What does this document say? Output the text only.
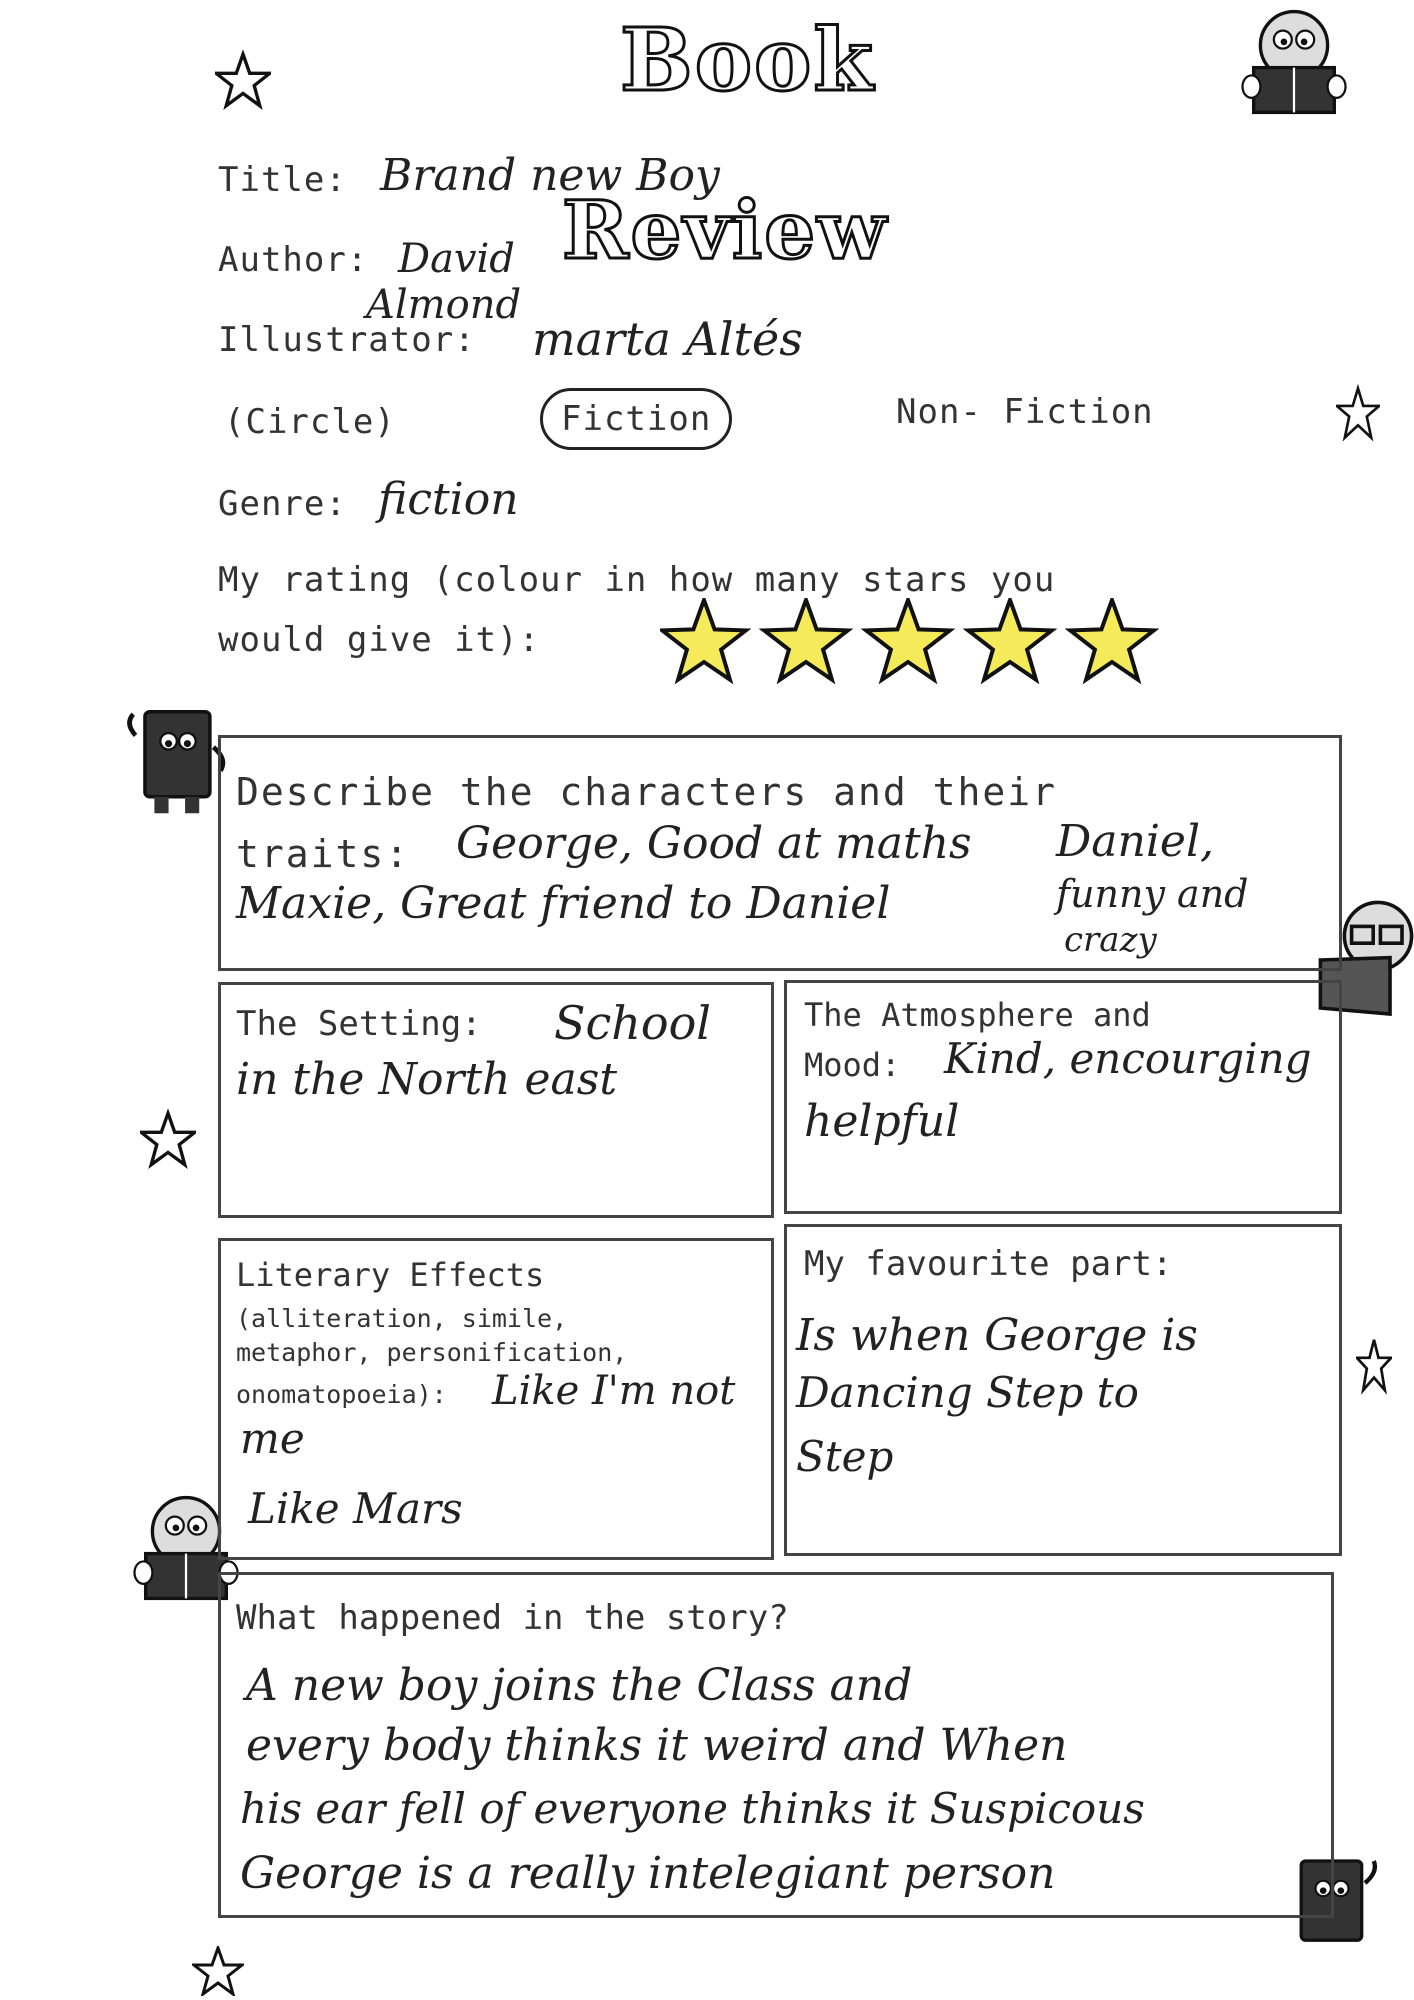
Book
Review
Title: Brand new Boy
Author: David
Almond
Illustrator: marta Altés
(Circle)	Fiction	Non- Fiction
Genre: fiction
My rating (colour in how many stars you
would give it):
Describe the characters and their
traits: George, Good at maths
Maxie, Great friend to Daniel
Daniel,
funny and
crazy
The Setting: School
in the North east
The Atmosphere and
Mood: Kind, encourging
helpful
Literary Effects
(alliteration, simile,
metaphor, personification,
onomatopoeia): Like I'm not
me
Like Mars
My favourite part:
Is when George is
Dancing Step to
Step
What happened in the story?
A new boy joins the Class and
every body thinks it weird and When
his ear fell of everyone thinks it Suspicous
George is a really intelegiant person
